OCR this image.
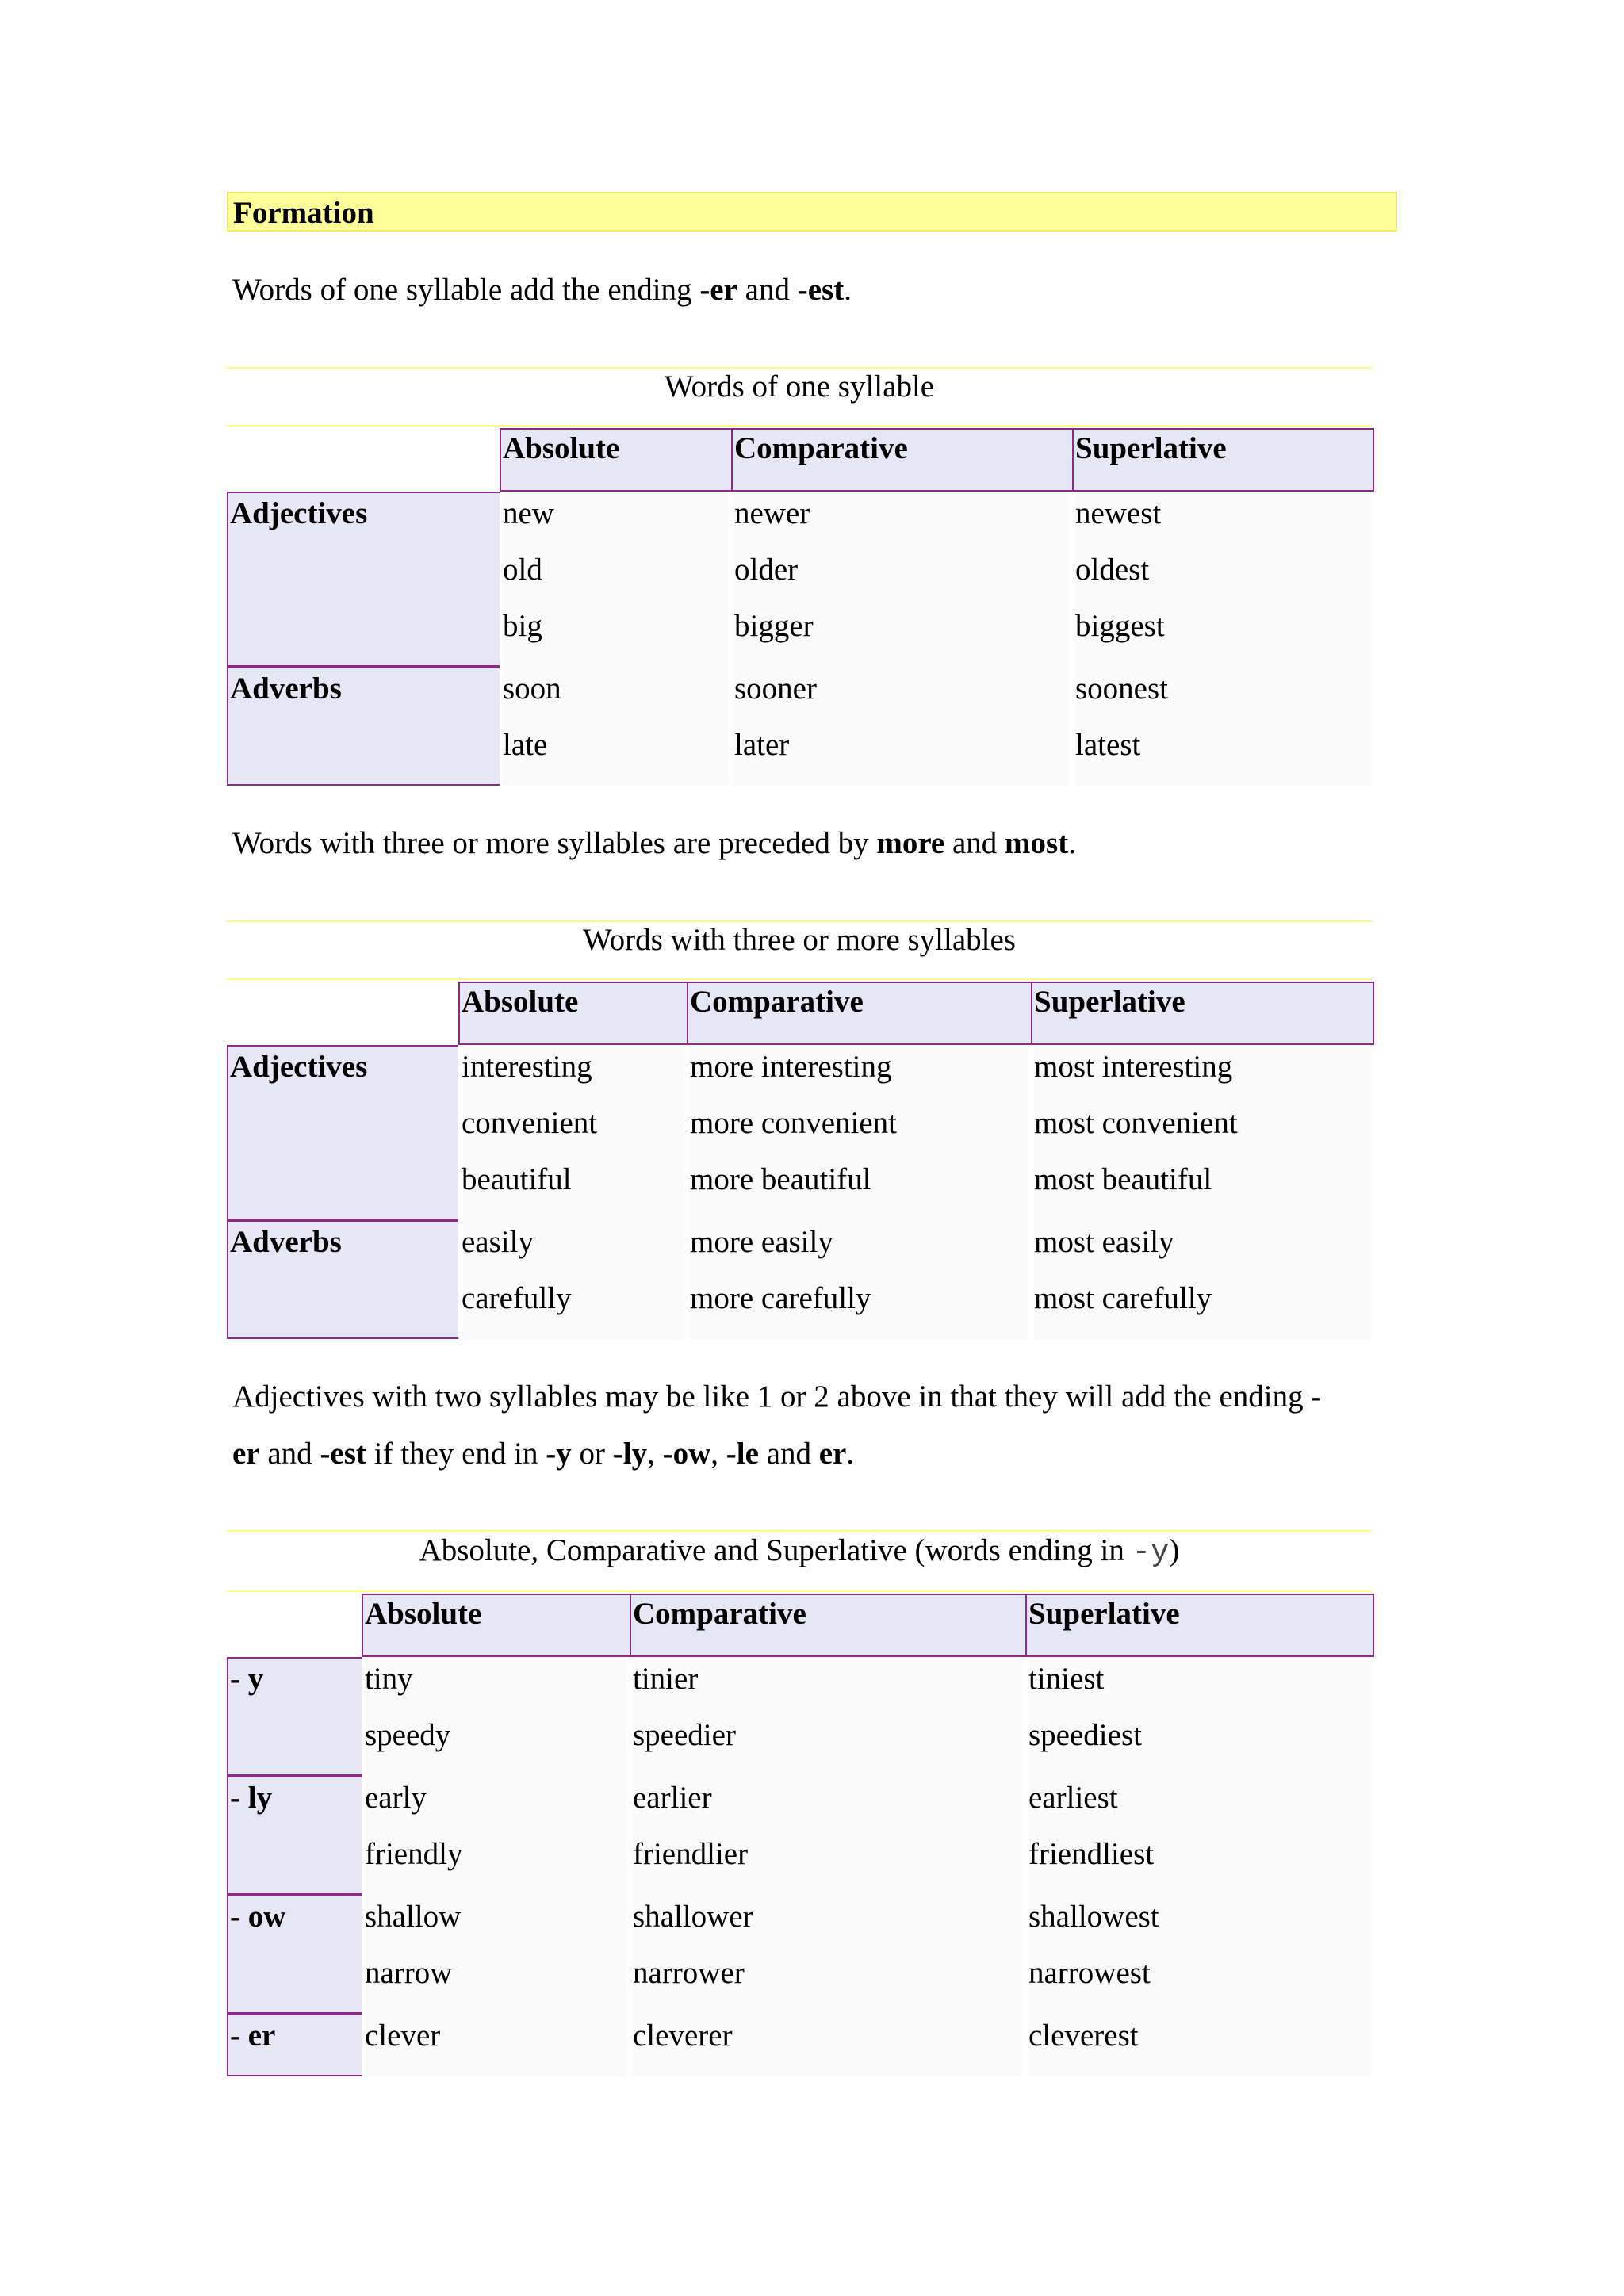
Formation
Words of one syllable add the ending -er and -est.
Words of one syllable
Absolute	Comparative	Superlative
Adjectives	new	newer	newest
old	older	oldest
big	bigger	biggest
Adverbs	soon	sooner	soonest
late	later	latest
Words with three or more syllables are preceded by more and most.
Words with three or more syllables
Absolute	Comparative	Superlative
Adjectives	interesting	more interesting	most interesting
convenient	more convenient	most convenient
beautiful	more beautiful	most beautiful
Adverbs	easily	more easily	most easily
carefully	more carefully	most carefully
Adjectives with two syllables may be like 1 or 2 above in that they will add the ending -
er and -est if they end in -y or -ly, -ow, -le and er.
Absolute, Comparative and Superlative (words ending in -y)
Absolute	Comparative	Superlative
- y	tiny	tinier	tiniest
speedy	speedier	speediest
- ly	early	earlier	earliest
friendly	friendlier	friendliest
- ow	shallow	shallower	shallowest
narrow	narrower	narrowest
- er	clever	cleverer	cleverest
